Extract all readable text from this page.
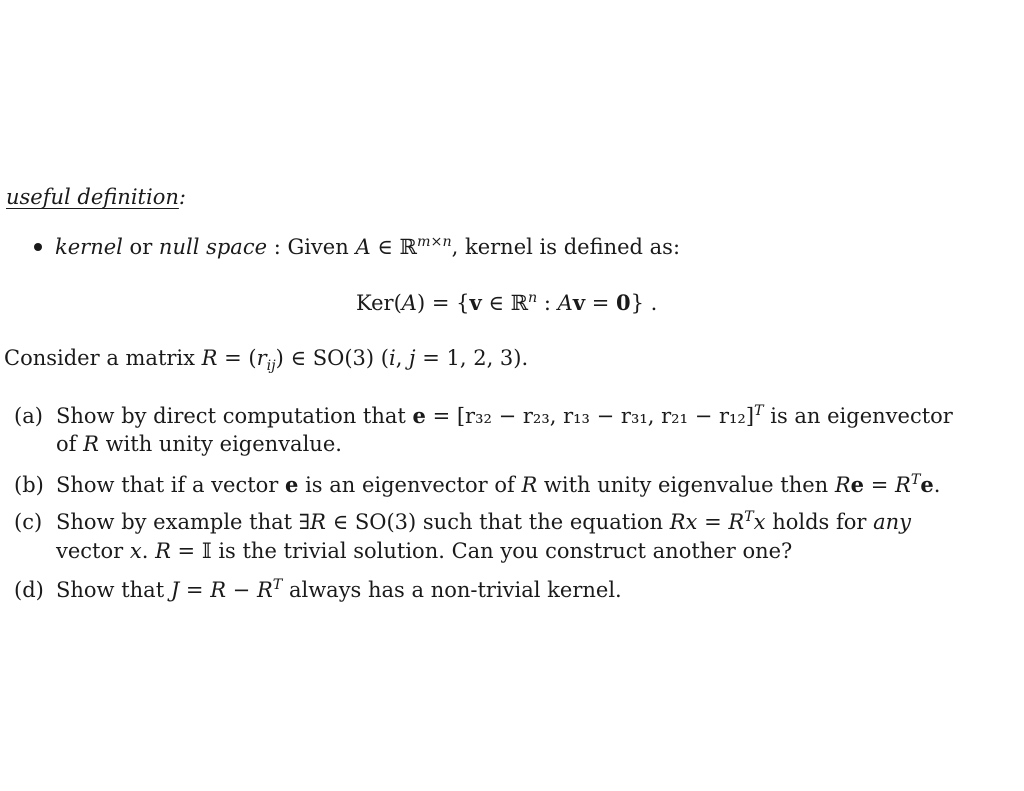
useful definition:
kernel or null space : Given A ∈ ℝ$^{m\times n}$, kernel is defined as:
Ker(A) = {v ∈ ℝ$^n$ : Av = 0} .
Consider a matrix $R = (r_{ij})$ ∈ SO(3) (i, j = 1, 2, 3).
(a) Show by direct computation that e = [r₃₂ − r₂₃, r₁₃ − r₃₁, r₂₁ − r₁₂]$^T$ is an eigenvector
of R with unity eigenvalue.
(b) Show that if a vector e is an eigenvector of R with unity eigenvalue then $Re = R^Te$.
(c) Show by example that ∃R ∈ SO(3) such that the equation $Rx = R^Tx$ holds for any
vector x. R = 𝕀 is the trivial solution. Can you construct another one?
(d) Show that $J = R - R^T$ always has a non-trivial kernel.
